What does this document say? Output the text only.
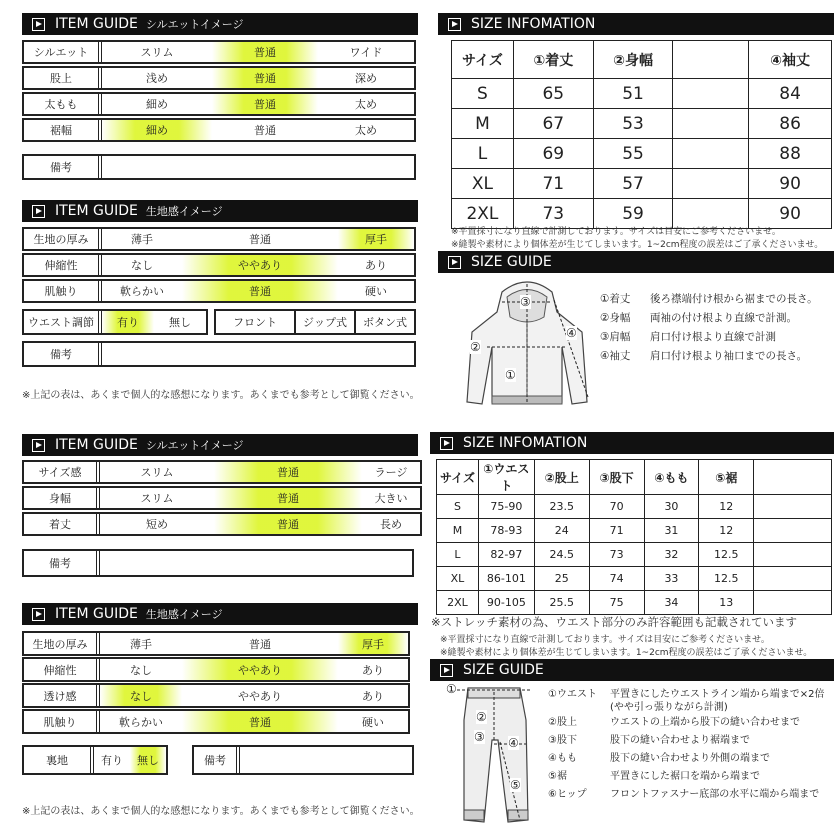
ITEM GUIDE シルエットイメージ
シルエット	スリム	普通	ワイド
股上	浅め	普通	深め
太もも	細め	普通	太め
裾幅	細め	普通	太め
備考
ITEM GUIDE 生地感イメージ
生地の厚み	薄手	普通	厚手
伸縮性	なし	ややあり	あり
肌触り	軟らかい	普通	硬い
ウエスト調節	有り	無し	フロント	ジップ式	ボタン式
備考
※上記の表は、あくまで個人的な感想になります。あくまでも参考として御覧ください。
SIZE INFOMATION
サイズ	①着丈	②身幅		④袖丈
S	65	51		84
M	67	53		86
L	69	55		88
XL	71	57		90
2XL	73	59		90
※平置採寸になり直線で計測しております。サイズは目安にご参考くださいませ。
※縫製や素材により個体差が生じてしまいます。1~2cm程度の誤差はご了承くださいませ。
SIZE GUIDE
①
②
③
④
①着丈	後ろ襟端付け根から裾までの長さ。
②身幅	両袖の付け根より直線で計測。
③肩幅	肩口付け根より直線で計測
④袖丈	肩口付け根より袖口までの長さ。
ITEM GUIDE シルエットイメージ
サイズ感	スリム	普通	ラージ
身幅	スリム	普通	大きい
着丈	短め	普通	長め
備考
ITEM GUIDE 生地感イメージ
生地の厚み	薄手	普通	厚手
伸縮性	なし	ややあり	あり
透け感	なし	ややあり	あり
肌触り	軟らかい	普通	硬い
裏地	有り	無し	備考
※上記の表は、あくまで個人的な感想になります。あくまでも参考として御覧ください。
SIZE INFOMATION
サイズ	①ウエスト	②股上	③股下	④もも	⑤裾	
S	75-90	23.5	70	30	12	
M	78-93	24	71	31	12	
L	82-97	24.5	73	32	12.5	
XL	86-101	25	74	33	12.5	
2XL	90-105	25.5	75	34	13	
※ストレッチ素材の為、ウエスト部分のみ許容範囲も記載されています
※平置採寸になり直線で計測しております。サイズは目安にご参考くださいませ。
※縫製や素材により個体差が生じてしまいます。1~2cm程度の誤差はご了承くださいませ。
SIZE GUIDE
①
②
③ ④
⑤
①ウエスト	平置きにしたウエストライン端から端まで×2倍
(やや引っ張りながら計測)
②股上	ウエストの上端から股下の縫い合わせまで
③股下	股下の縫い合わせより裾端まで
④もも	股下の縫い合わせより外側の端まで
⑤裾	平置きにした裾口を端から端まで
⑥ヒップ	フロントファスナー底部の水平に端から端まで
